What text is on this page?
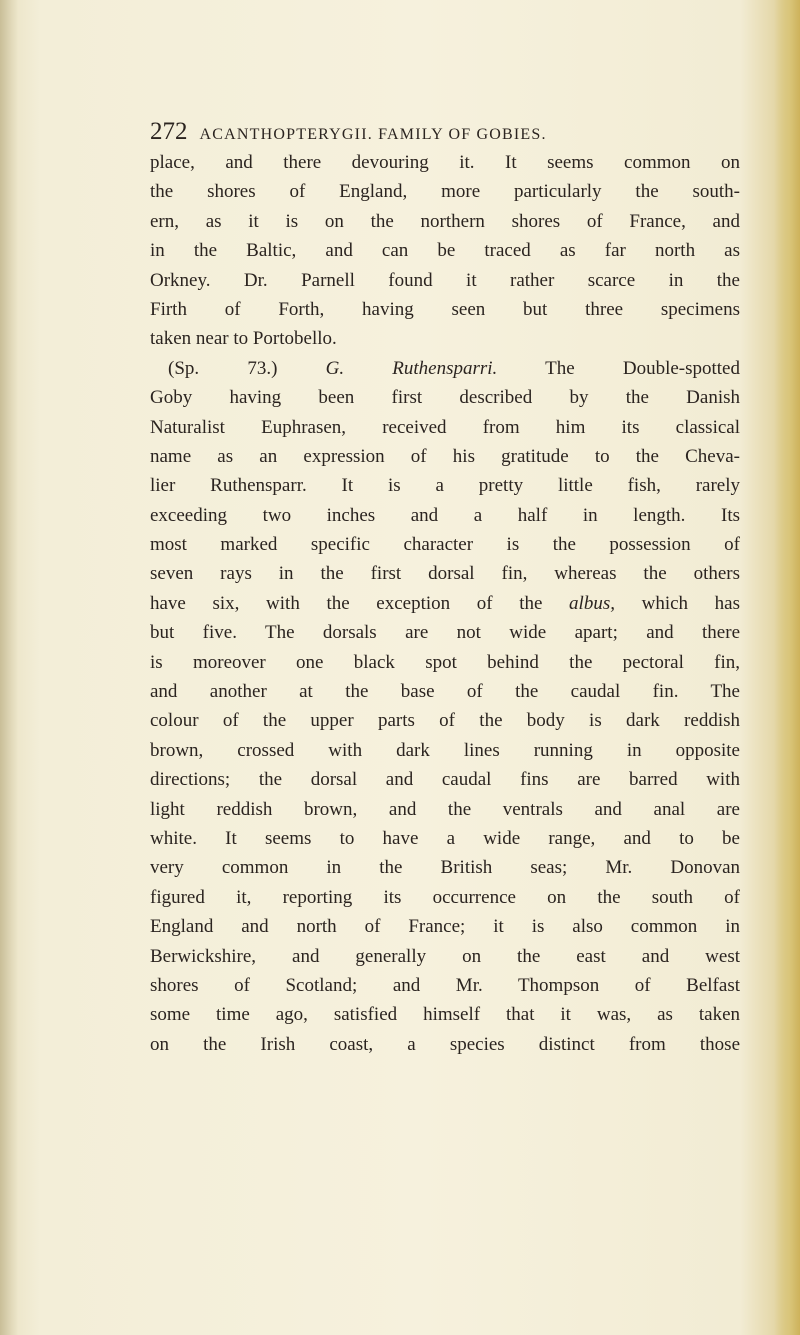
272 ACANTHOPTERYGII. FAMILY OF GOBIES.
place, and there devouring it. It seems common on
the shores of England, more particularly the south-
ern, as it is on the northern shores of France, and
in the Baltic, and can be traced as far north as
Orkney. Dr. Parnell found it rather scarce in the
Firth of Forth, having seen but three specimens
taken near to Portobello.
(Sp. 73.) G. Ruthensparri. The Double-spotted
Goby having been first described by the Danish
Naturalist Euphrasen, received from him its classical
name as an expression of his gratitude to the Cheva-
lier Ruthensparr. It is a pretty little fish, rarely
exceeding two inches and a half in length. Its
most marked specific character is the possession of
seven rays in the first dorsal fin, whereas the others
have six, with the exception of the albus, which has
but five. The dorsals are not wide apart; and there
is moreover one black spot behind the pectoral fin,
and another at the base of the caudal fin. The
colour of the upper parts of the body is dark reddish
brown, crossed with dark lines running in opposite
directions; the dorsal and caudal fins are barred with
light reddish brown, and the ventrals and anal are
white. It seems to have a wide range, and to be
very common in the British seas; Mr. Donovan
figured it, reporting its occurrence on the south of
England and north of France; it is also common in
Berwickshire, and generally on the east and west
shores of Scotland; and Mr. Thompson of Belfast
some time ago, satisfied himself that it was, as taken
on the Irish coast, a species distinct from those
